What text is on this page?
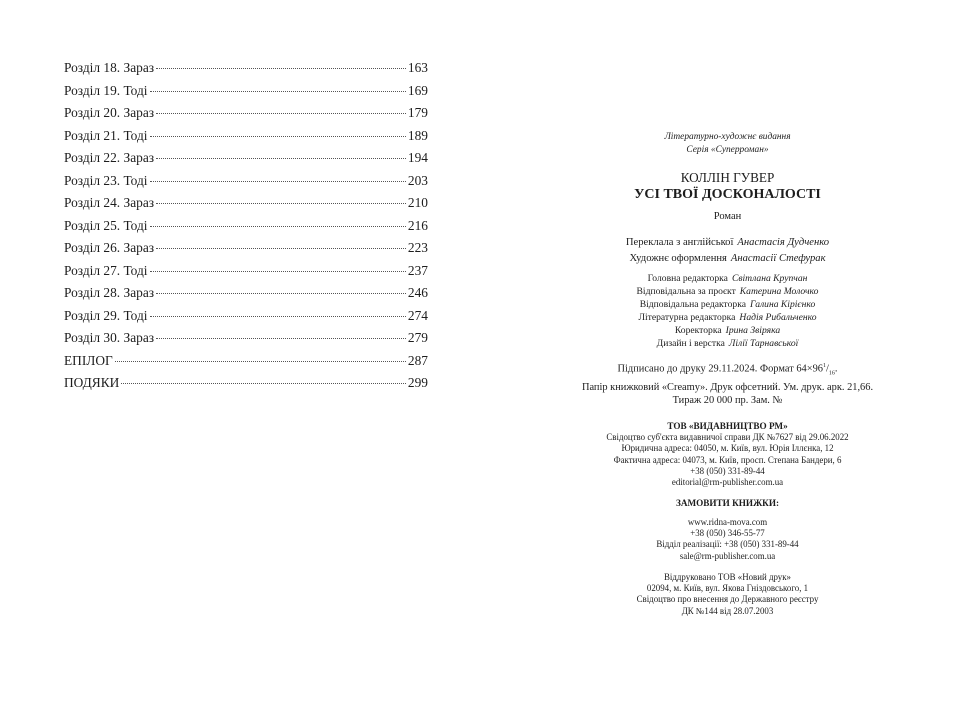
Розділ 18. Зараз	163
Розділ 19. Тоді	169
Розділ 20. Зараз	179
Розділ 21. Тоді	189
Розділ 22. Зараз	194
Розділ 23. Тоді	203
Розділ 24. Зараз	210
Розділ 25. Тоді	216
Розділ 26. Зараз	223
Розділ 27. Тоді	237
Розділ 28. Зараз	246
Розділ 29. Тоді	274
Розділ 30. Зараз	279
ЕПІЛОГ	287
ПОДЯКИ	299
Літературно-художнє видання
Серія «Суперроман»
КОЛЛІН ГУВЕР
УСІ ТВОЇ ДОСКОНАЛОСТІ
Роман
Переклала з англійської Анастасія Дудченко
Художнє оформлення Анастасії Стефурак
Головна редакторка Світлана Крупчан
Відповідальна за проєкт Катерина Молочко
Відповідальна редакторка Галина Кірієнко
Літературна редакторка Надія Рибальченко
Коректорка Ірина Звіряка
Дизайн і верстка Лілії Тарнавської
Підписано до друку 29.11.2024. Формат $64\times 96^1/_{16}$.
Папір книжковий «Creamy». Друк офсетний. Ум. друк. арк. 21,66.
Тираж 20 000 пр. Зам. №
ТОВ «ВИДАВНИЦТВО РМ»
Свідоцтво суб'єкта видавничої справи ДК №7627 від 29.06.2022
Юридична адреса: 04050, м. Київ, вул. Юрія Іллєнка, 12
Фактична адреса: 04073, м. Київ, просп. Степана Бандери, 6
+38 (050) 331-89-44
editorial@rm-publisher.com.ua
ЗАМОВИТИ КНИЖКИ:
www.ridna-mova.com
+38 (050) 346-55-77
Відділ реалізації: +38 (050) 331-89-44
sale@rm-publisher.com.ua
Віддруковано ТОВ «Новий друк»
02094, м. Київ, вул. Якова Гніздовського, 1
Свідоцтво про внесення до Державного реєстру
ДК №144 від 28.07.2003
